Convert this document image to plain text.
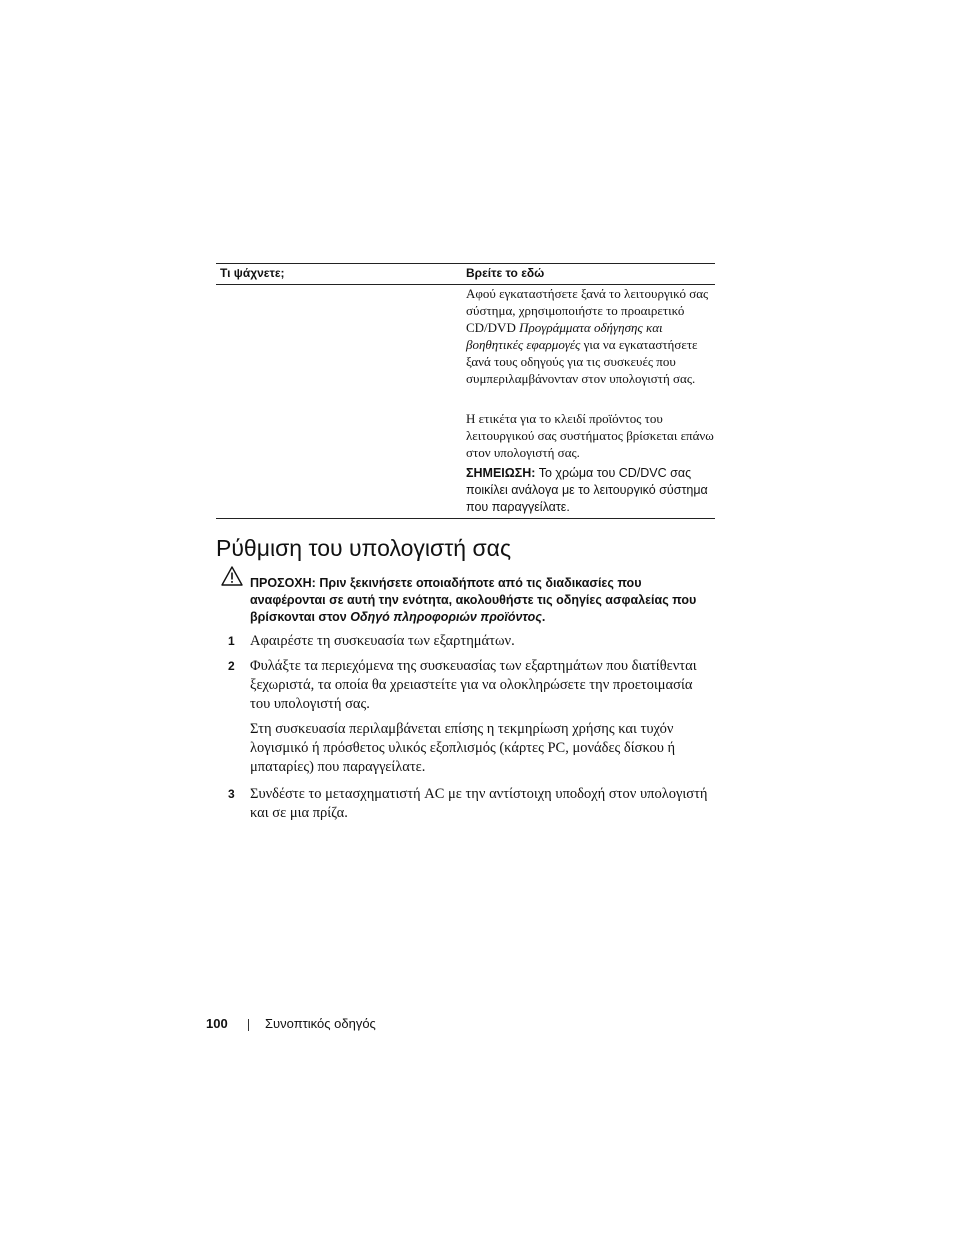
Τι ψάχνετε;	Βρείτε το εδώ
Αφού εγκαταστήσετε ξανά το λειτουργικό σας σύστημα, χρησιμοποιήστε το προαιρετικό CD/DVD Προγράμματα οδήγησης και βοηθητικές εφαρμογές για να εγκαταστήσετε ξανά τους οδηγούς για τις συσκευές που συμπεριλαμβάνονταν στον υπολογιστή σας.
Η ετικέτα για το κλειδί προϊόντος του λειτουργικού σας συστήματος βρίσκεται επάνω στον υπολογιστή σας.
ΣΗΜΕΙΩΣΗ: Το χρώμα του CD/DVC σας ποικίλει ανάλογα με το λειτουργικό σύστημα που παραγγείλατε.
Ρύθμιση του υπολογιστή σας
ΠΡΟΣΟΧΗ: Πριν ξεκινήσετε οποιαδήποτε από τις διαδικασίες που αναφέρονται σε αυτή την ενότητα, ακολουθήστε τις οδηγίες ασφαλείας που βρίσκονται στον Οδηγό πληροφοριών προϊόντος.
1 Αφαιρέστε τη συσκευασία των εξαρτημάτων.
2 Φυλάξτε τα περιεχόμενα της συσκευασίας των εξαρτημάτων που διατίθενται ξεχωριστά, τα οποία θα χρειαστείτε για να ολοκληρώσετε την προετοιμασία του υπολογιστή σας.
Στη συσκευασία περιλαμβάνεται επίσης η τεκμηρίωση χρήσης και τυχόν λογισμικό ή πρόσθετος υλικός εξοπλισμός (κάρτες PC, μονάδες δίσκου ή μπαταρίες) που παραγγείλατε.
3 Συνδέστε το μετασχηματιστή AC με την αντίστοιχη υποδοχή στον υπολογιστή και σε μια πρίζα.
100	Συνοπτικός οδηγός
